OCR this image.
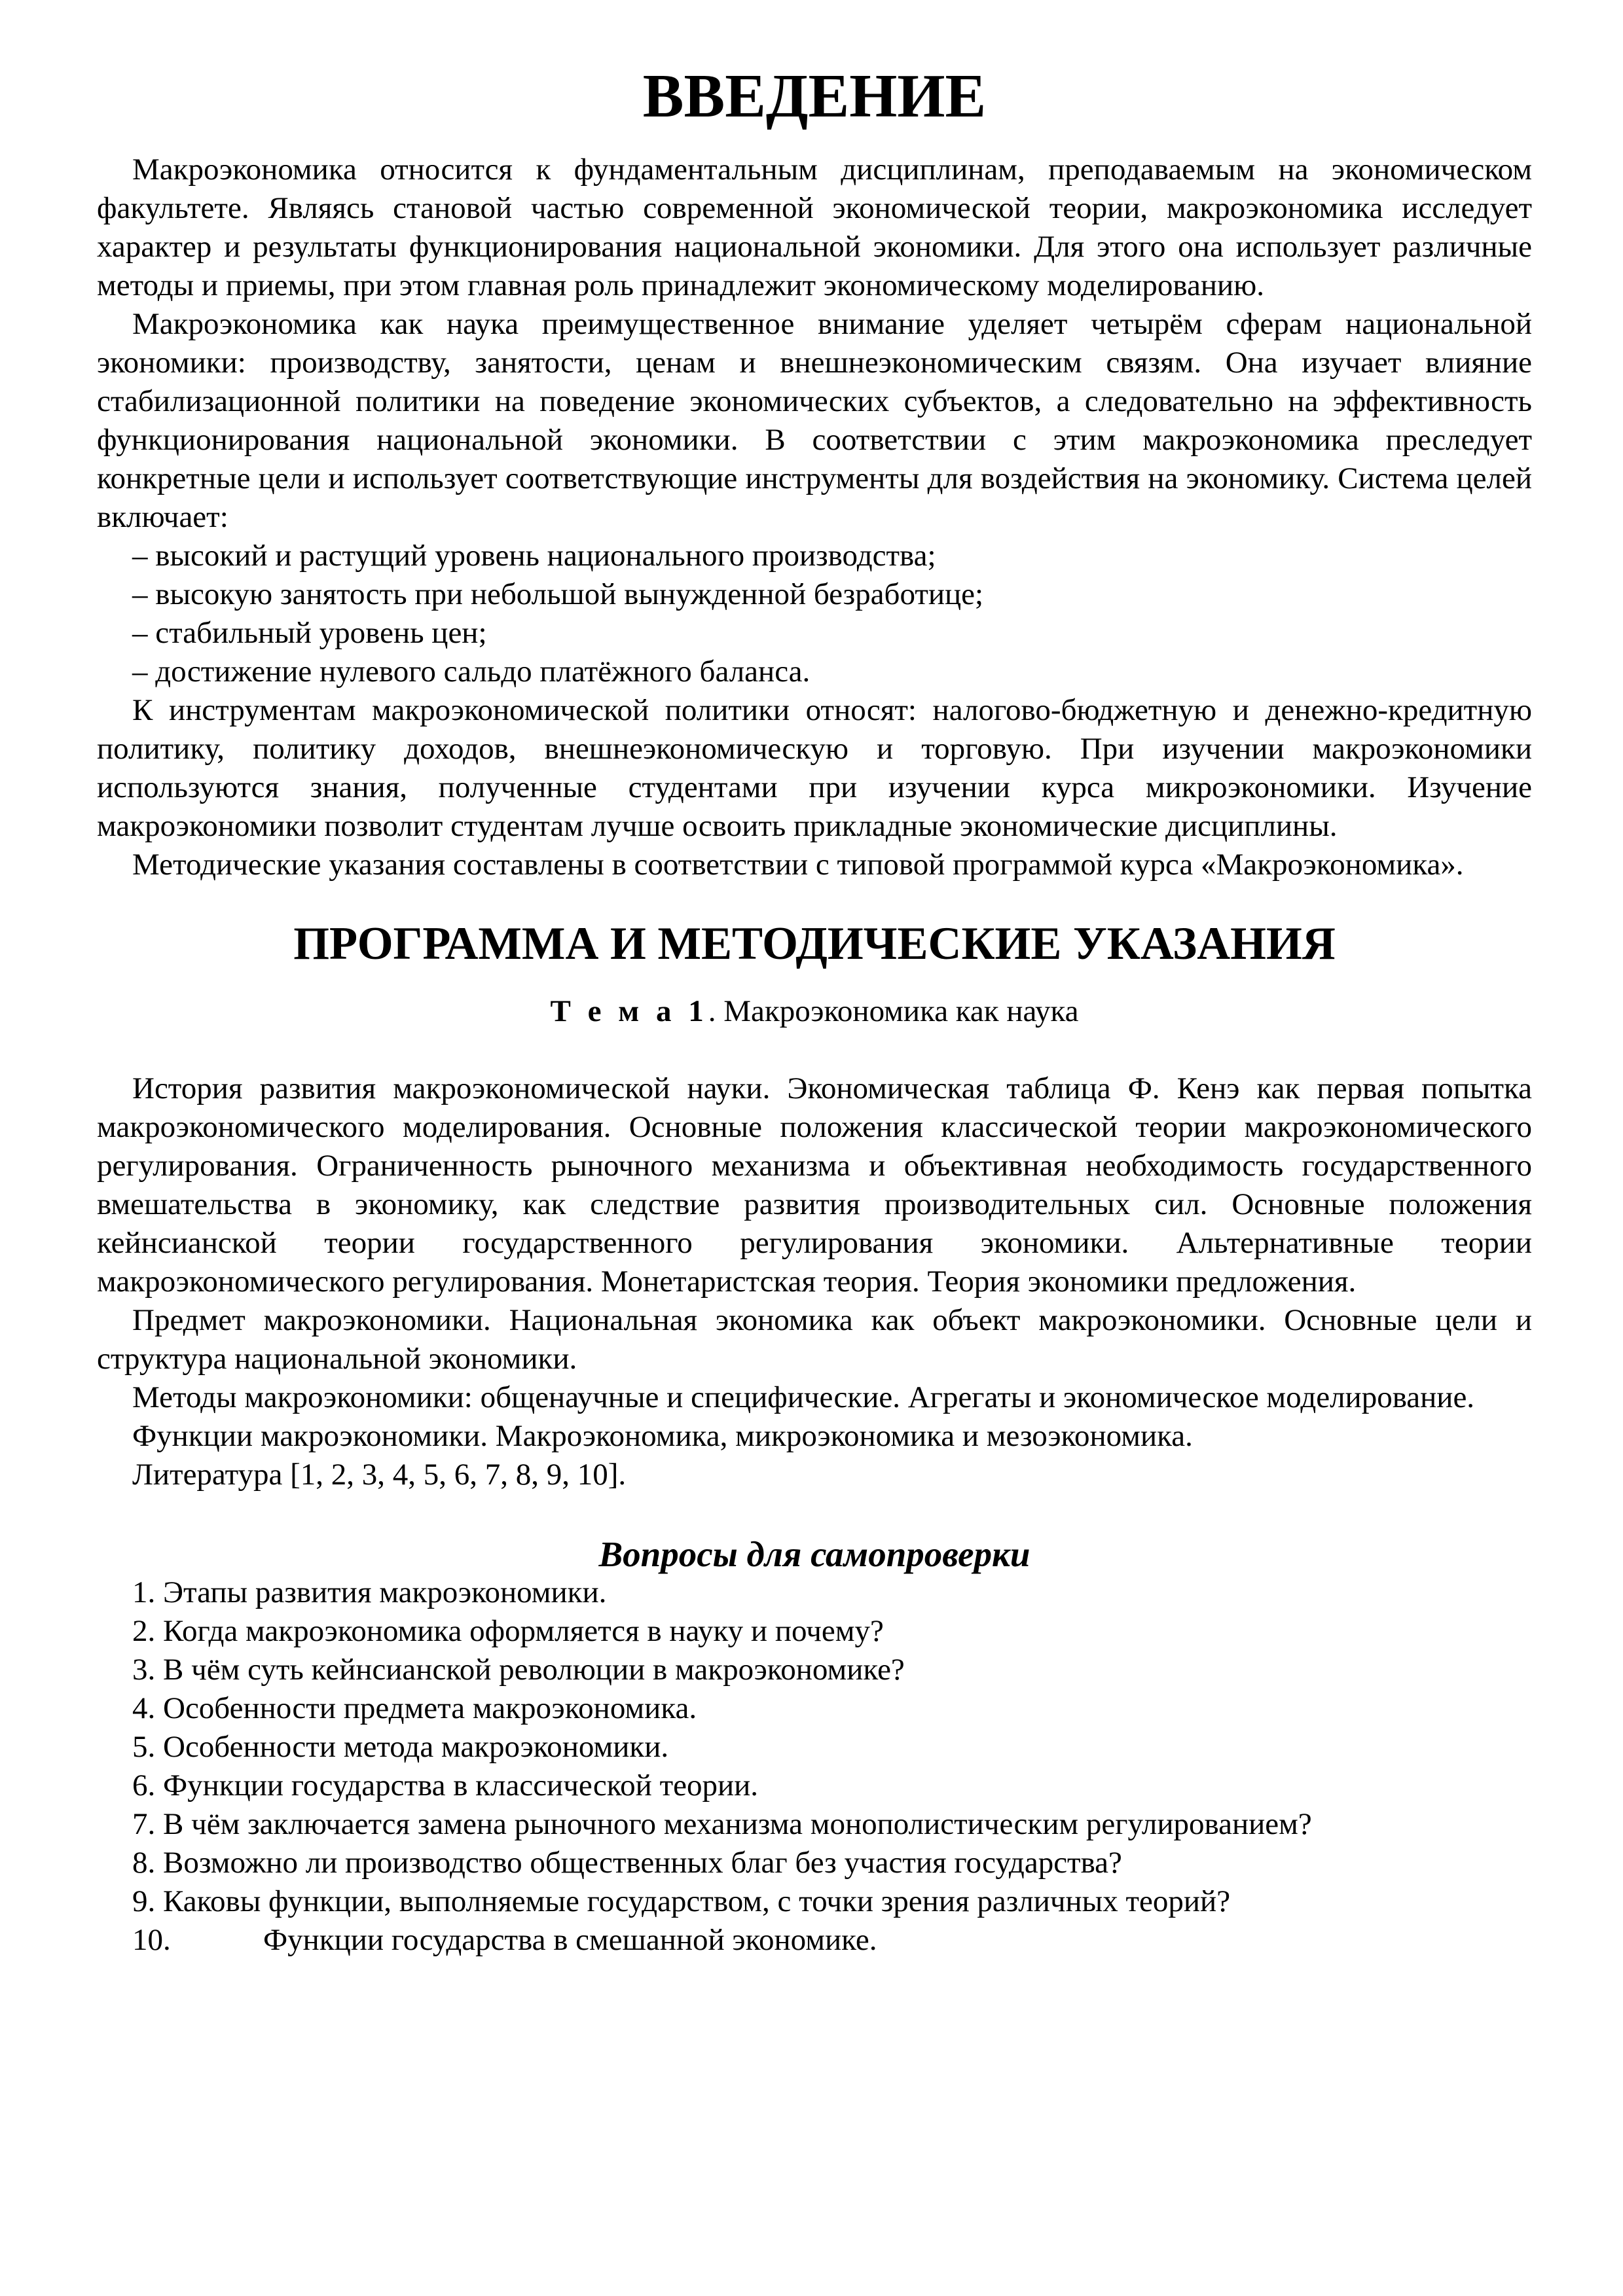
ВВЕДЕНИЕ

Макроэкономика относится к фундаментальным дисциплинам, преподаваемым на экономическом факультете. Являясь становой частью современной экономической теории, макроэкономика исследует характер и результаты функционирования национальной экономики. Для этого она использует различные методы и приемы, при этом главная роль принадлежит экономическому моделированию.

Макроэкономика как наука преимущественное внимание уделяет четырём сферам национальной экономики: производству, занятости, ценам и внешнеэкономическим связям. Она изучает влияние стабилизационной политики на поведение экономических субъектов, а следовательно на эффективность функционирования национальной экономики. В соответствии с этим макроэкономика преследует конкретные цели и использует соответствующие инструменты для воздействия на экономику. Система целей включает:

– высокий и растущий уровень национального производства;

– высокую занятость при небольшой вынужденной безработице;

– стабильный уровень цен;

– достижение нулевого сальдо платёжного баланса.

К инструментам макроэкономической политики относят: налогово-бюджетную и денежно-кредитную политику, политику доходов, внешнеэкономическую и торговую. При изучении макроэкономики используются знания, полученные студентами при изучении курса микроэкономики. Изучение макроэкономики позволит студентам лучше освоить прикладные экономические дисциплины.

Методические указания составлены в соответствии с типовой программой курса «Макроэкономика».

ПРОГРАММА И МЕТОДИЧЕСКИЕ УКАЗАНИЯ

Т е м а 1. Макроэкономика как наука

История развития макроэкономической науки. Экономическая таблица Ф. Кенэ как первая попытка макроэкономического моделирования. Основные положения классической теории макроэкономического регулирования. Ограниченность рыночного механизма и объективная необходимость государственного вмешательства в экономику, как следствие развития производительных сил. Основные положения кейнсианской теории государственного регулирования экономики. Альтернативные теории макроэкономического регулирования. Монетаристская теория. Теория экономики предложения.

Предмет макроэкономики. Национальная экономика как объект макроэкономики. Основные цели и структура национальной экономики.

Методы макроэкономики: общенаучные и специфические. Агрегаты и экономическое моделирование.

Функции макроэкономики. Макроэкономика, микроэкономика и мезоэкономика.

Литература [1, 2, 3, 4, 5, 6, 7, 8, 9, 10].

Вопросы для самопроверки

1. Этапы развития макроэкономики.

2. Когда макроэкономика оформляется в науку и почему?

3. В чём суть кейнсианской революции в макроэкономике?

4. Особенности предмета макроэкономика.

5. Особенности метода макроэкономики.

6. Функции государства в классической теории.

7. В чём заключается замена рыночного механизма монополистическим регулированием?

8. Возможно ли производство общественных благ без участия государства?

9. Каковы функции, выполняемые государством, с точки зрения различных теорий?

10.	Функции государства в смешанной экономике.
